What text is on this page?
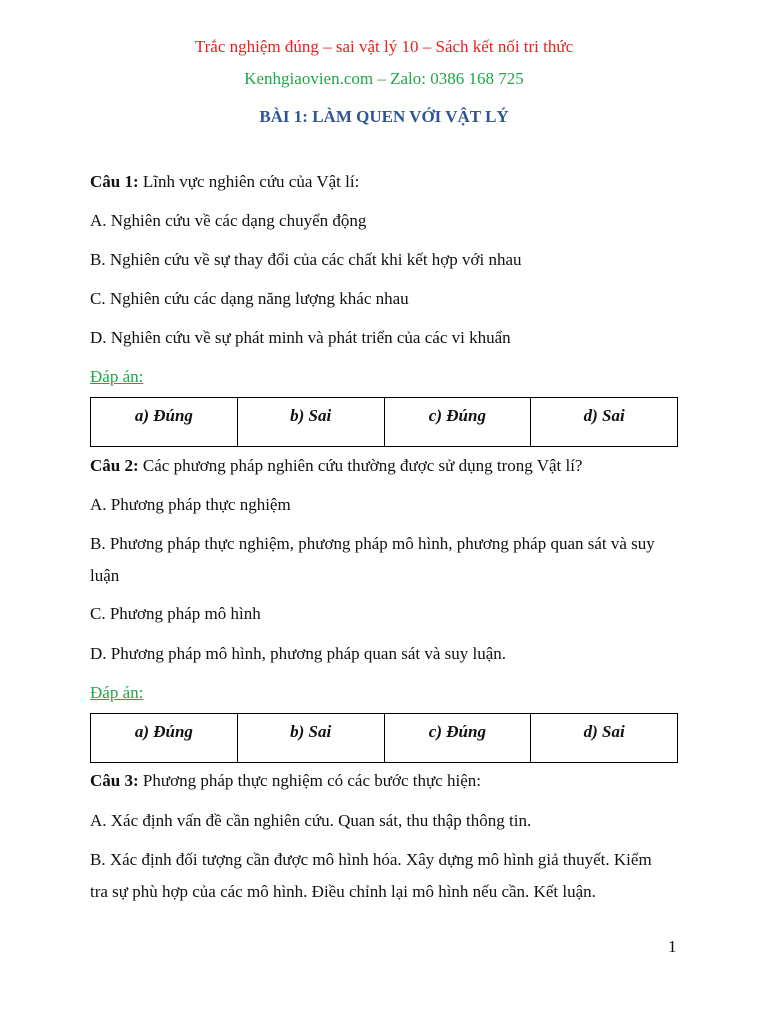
Trắc nghiệm đúng – sai vật lý 10 – Sách kết nối tri thức
Kenhgiaovien.com – Zalo: 0386 168 725
BÀI 1: LÀM QUEN VỚI VẬT LÝ
Câu 1: Lĩnh vực nghiên cứu của Vật lí:
A. Nghiên cứu về các dạng chuyển động
B. Nghiên cứu về sự thay đổi của các chất khi kết hợp với nhau
C. Nghiên cứu các dạng năng lượng khác nhau
D. Nghiên cứu về sự phát minh và phát triển của các vi khuẩn
Đáp án:
a) Đúng	b) Sai	c) Đúng	d) Sai
Câu 2: Các phương pháp nghiên cứu thường được sử dụng trong Vật lí?
A. Phương pháp thực nghiệm
B. Phương pháp thực nghiệm, phương pháp mô hình, phương pháp quan sát và suy
luận
C. Phương pháp mô hình
D. Phương pháp mô hình, phương pháp quan sát và suy luận.
Đáp án:
a) Đúng	b) Sai	c) Đúng	d) Sai
Câu 3: Phương pháp thực nghiệm có các bước thực hiện:
A. Xác định vấn đề cần nghiên cứu. Quan sát, thu thập thông tin.
B. Xác định đối tượng cần được mô hình hóa. Xây dựng mô hình giả thuyết. Kiểm
tra sự phù hợp của các mô hình. Điều chỉnh lại mô hình nếu cần. Kết luận.
1
